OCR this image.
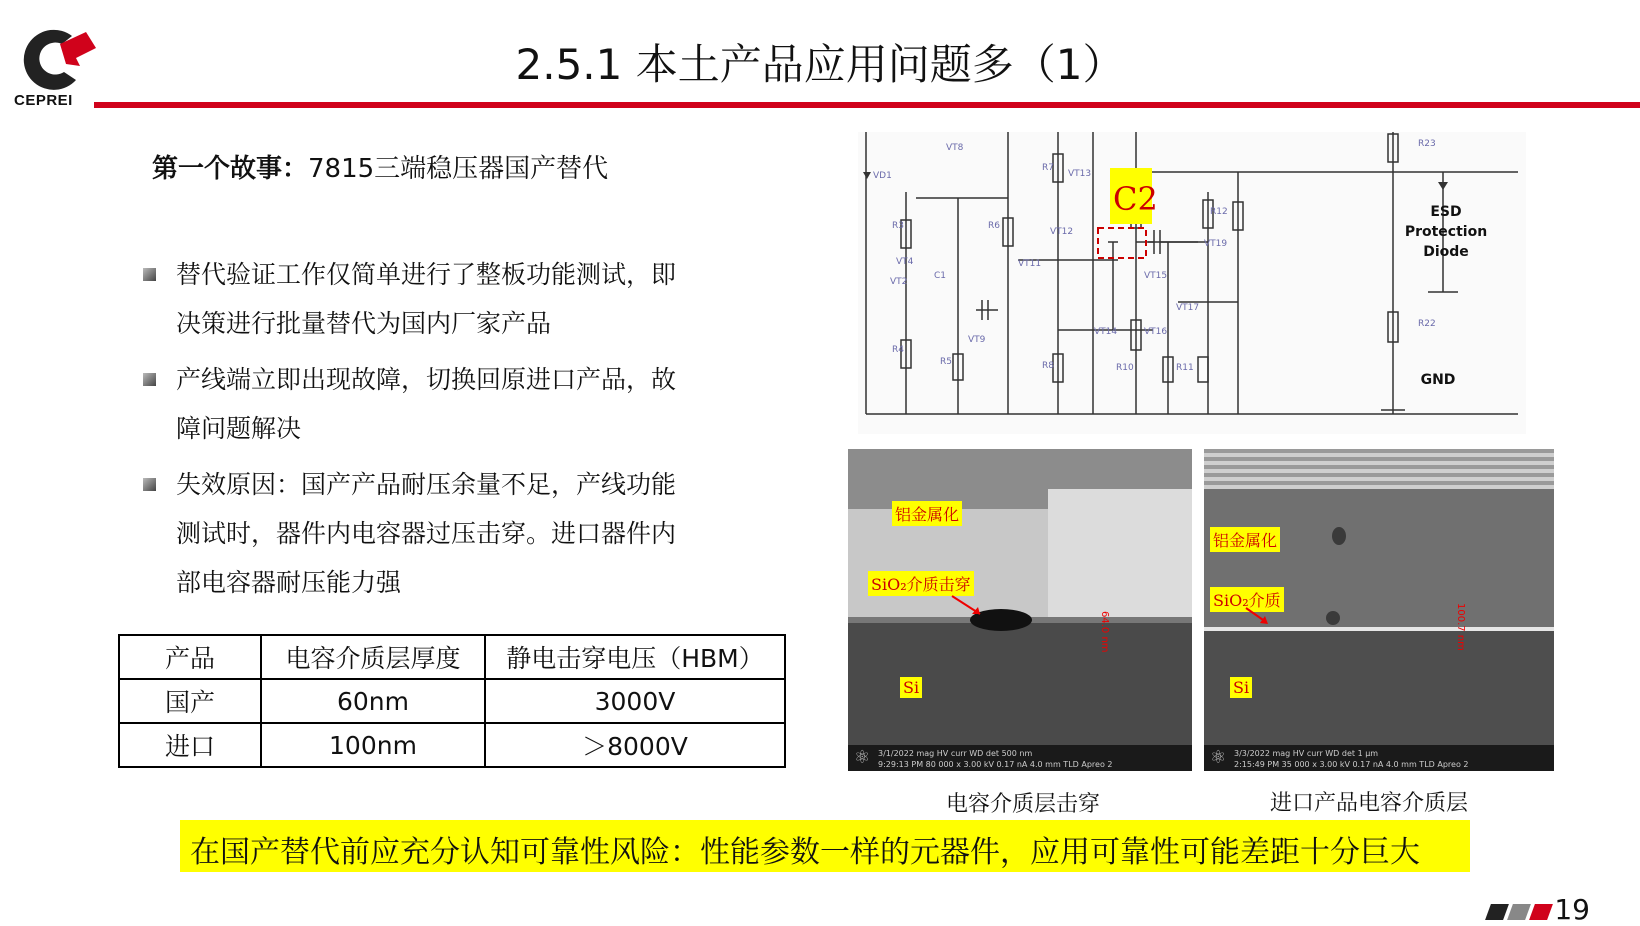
CEPREI
2.5.1 本土产品应用问题多（1）
第一个故事：7815三端稳压器国产替代
替代验证工作仅简单进行了整板功能测试，即
决策进行批量替代为国内厂家产品
产线端立即出现故障，切换回原进口产品，故
障问题解决
失效原因：国产产品耐压余量不足，产线功能
测试时，器件内电容器过压击穿。进口器件内
部电容器耐压能力强
产品	电容介质层厚度	静电击穿电压（HBM）
国产	60nm	3000V
进口	100nm	＞8000V
VD1
R3
VT4
VT2
R4
R5
C1
VT8
R6
VT9
R7
VT11
VT12
R8
VT13
VT14
VT15
VT16
VT17
R10	R11
R12
VT19
R23
R22
C2	ESD
Protection
Diode
GND
3/1/2022 mag HV curr WD det 500 nm
9:29:13 PM 80 000 x 3.00 kV 0.17 nA 4.0 mm TLD Apreo 2
⚛
铝金属化
SiO₂介质击穿
Si
64.0 nm
3/3/2022 mag HV curr WD det 1 μm
2:15:49 PM 35 000 x 3.00 kV 0.17 nA 4.0 mm TLD Apreo 2
⚛
铝金属化
SiO₂介质
Si
100.7 nm
电容介质层击穿	进口产品电容介质层
在国产替代前应充分认知可靠性风险：性能参数一样的元器件，应用可靠性可能差距十分巨大
19
